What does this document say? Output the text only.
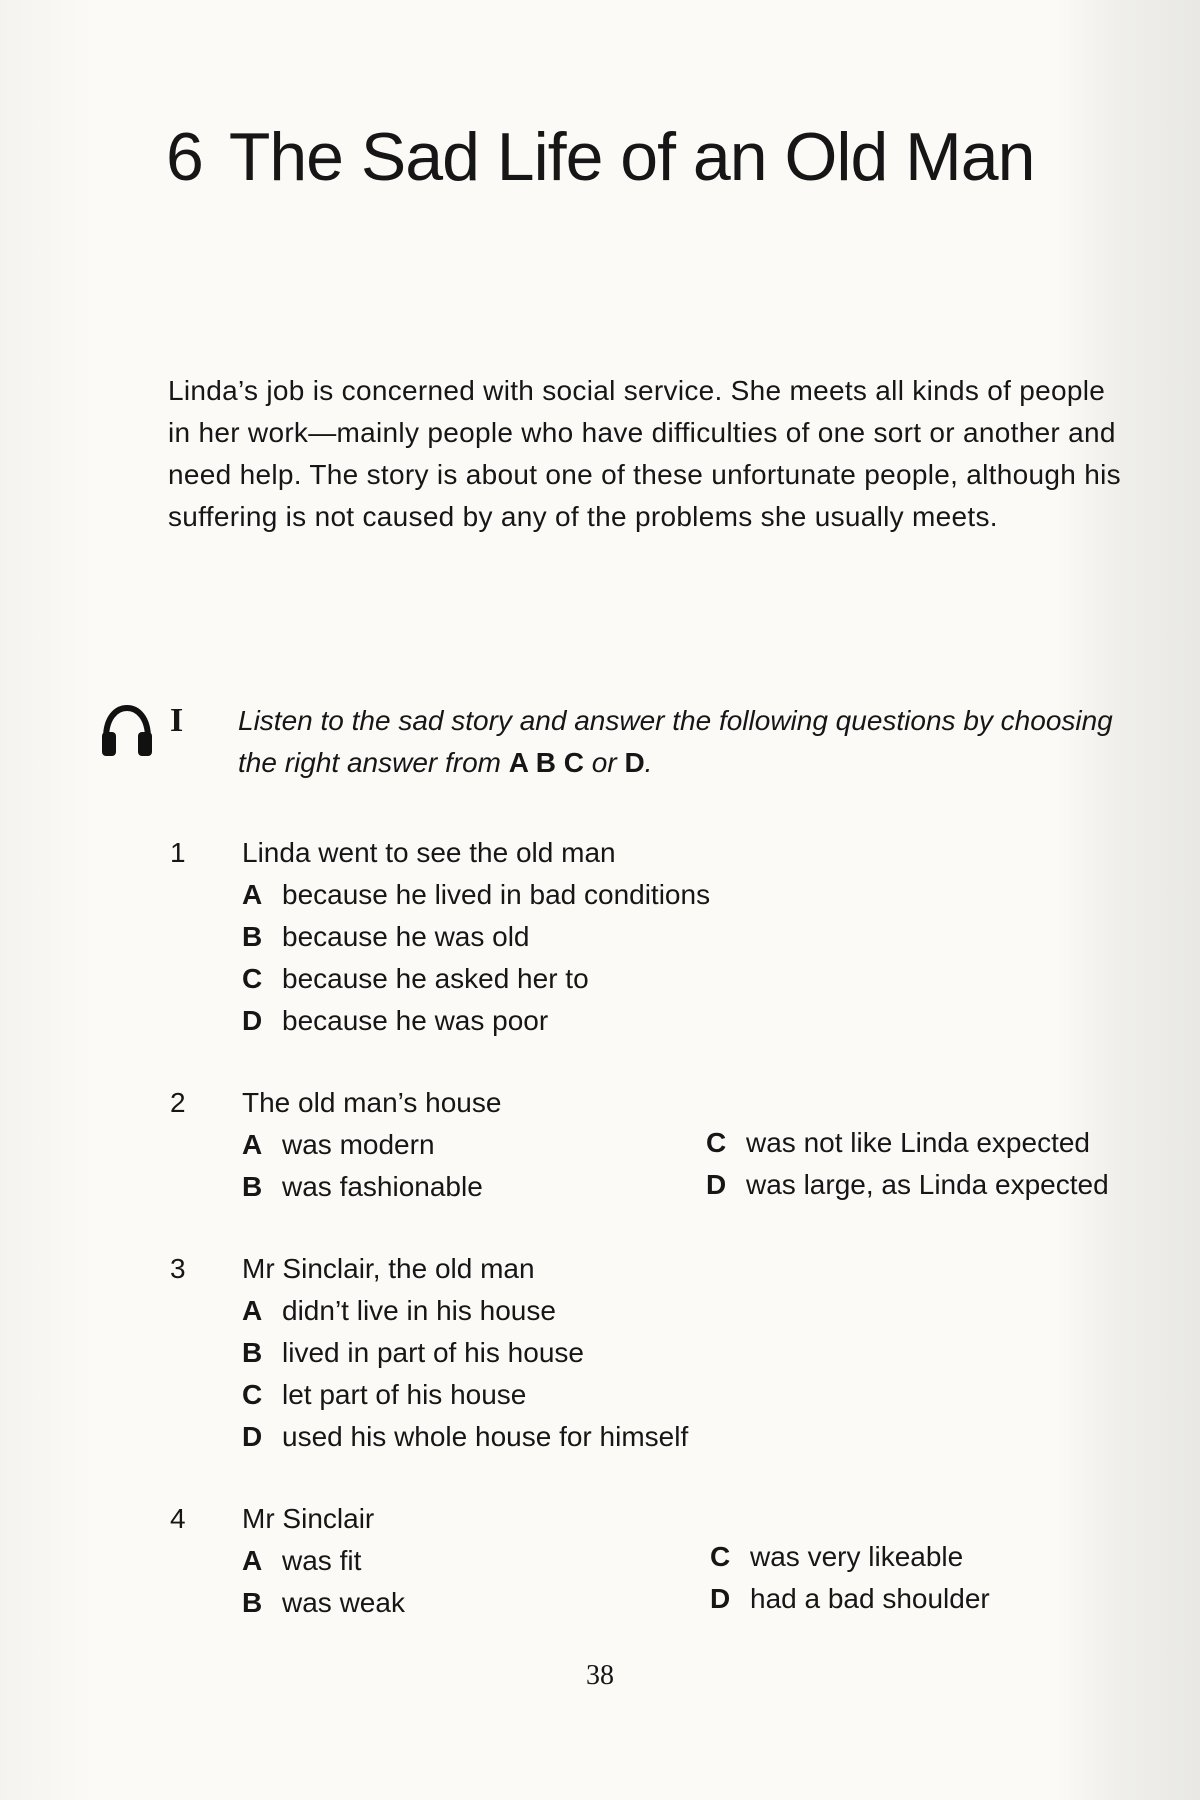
6 The Sad Life of an Old Man

Linda’s job is concerned with social service. She meets all kinds of people in her work—mainly people who have difficulties of one sort or another and need help. The story is about one of these unfortunate people, although his suffering is not caused by any of the problems she usually meets.

I Listen to the sad story and answer the following questions by choosing the right answer from A B C or D.
1 Linda went to see the old man
A because he lived in bad conditions
B because he was old
C because he asked her to
D because he was poor
2 The old man’s house
A was modern
B was fashionable
C was not like Linda expected
D was large, as Linda expected
3 Mr Sinclair, the old man
A didn’t live in his house
B lived in part of his house
C let part of his house
D used his whole house for himself
4 Mr Sinclair
A was fit
B was weak
C was very likeable
D had a bad shoulder
38
